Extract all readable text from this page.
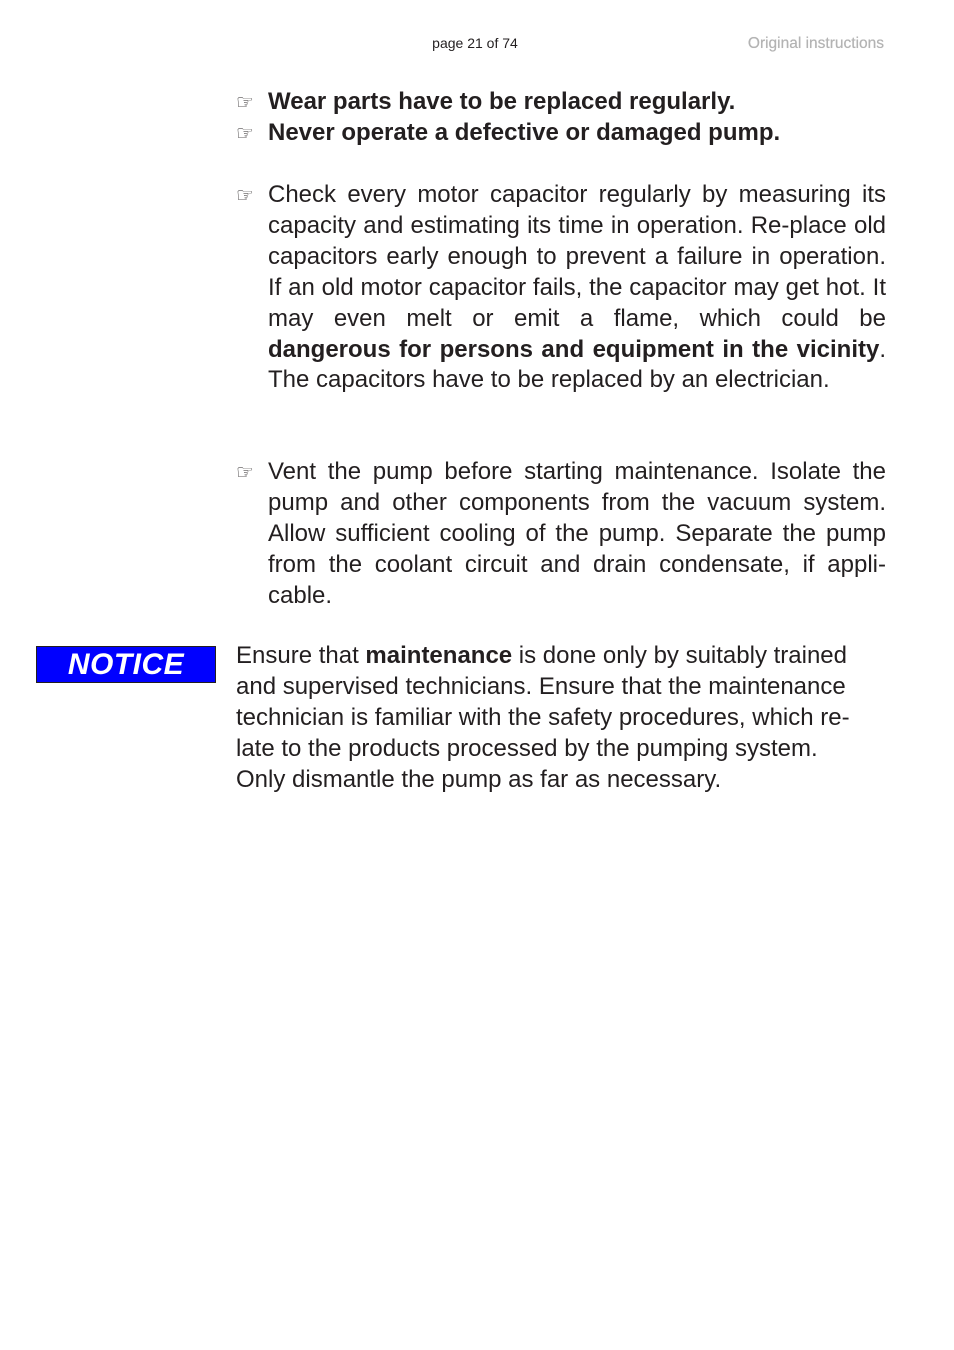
page 21 of 74	Original instructions
☞ Wear parts have to be replaced regularly.
☞ Never operate a defective or damaged pump.
☞ Check every motor capacitor regularly by measuring its capacity and estimating its time in operation. Re-place old capacitors early enough to prevent a failure in operation. If an old motor capacitor fails, the capacitor may get hot. It may even melt or emit a flame, which could be dangerous for persons and equipment in the vicinity. The capacitors have to be replaced by an electrician.
☞ Vent the pump before starting maintenance. Isolate the pump and other components from the vacuum system. Allow sufficient cooling of the pump. Separate the pump from the coolant circuit and drain condensate, if appli-cable.
NOTICE	Ensure that maintenance is done only by suitably trained
and supervised technicians. Ensure that the maintenance
technician is familiar with the safety procedures, which re-
late to the products processed by the pumping system.
Only dismantle the pump as far as necessary.
